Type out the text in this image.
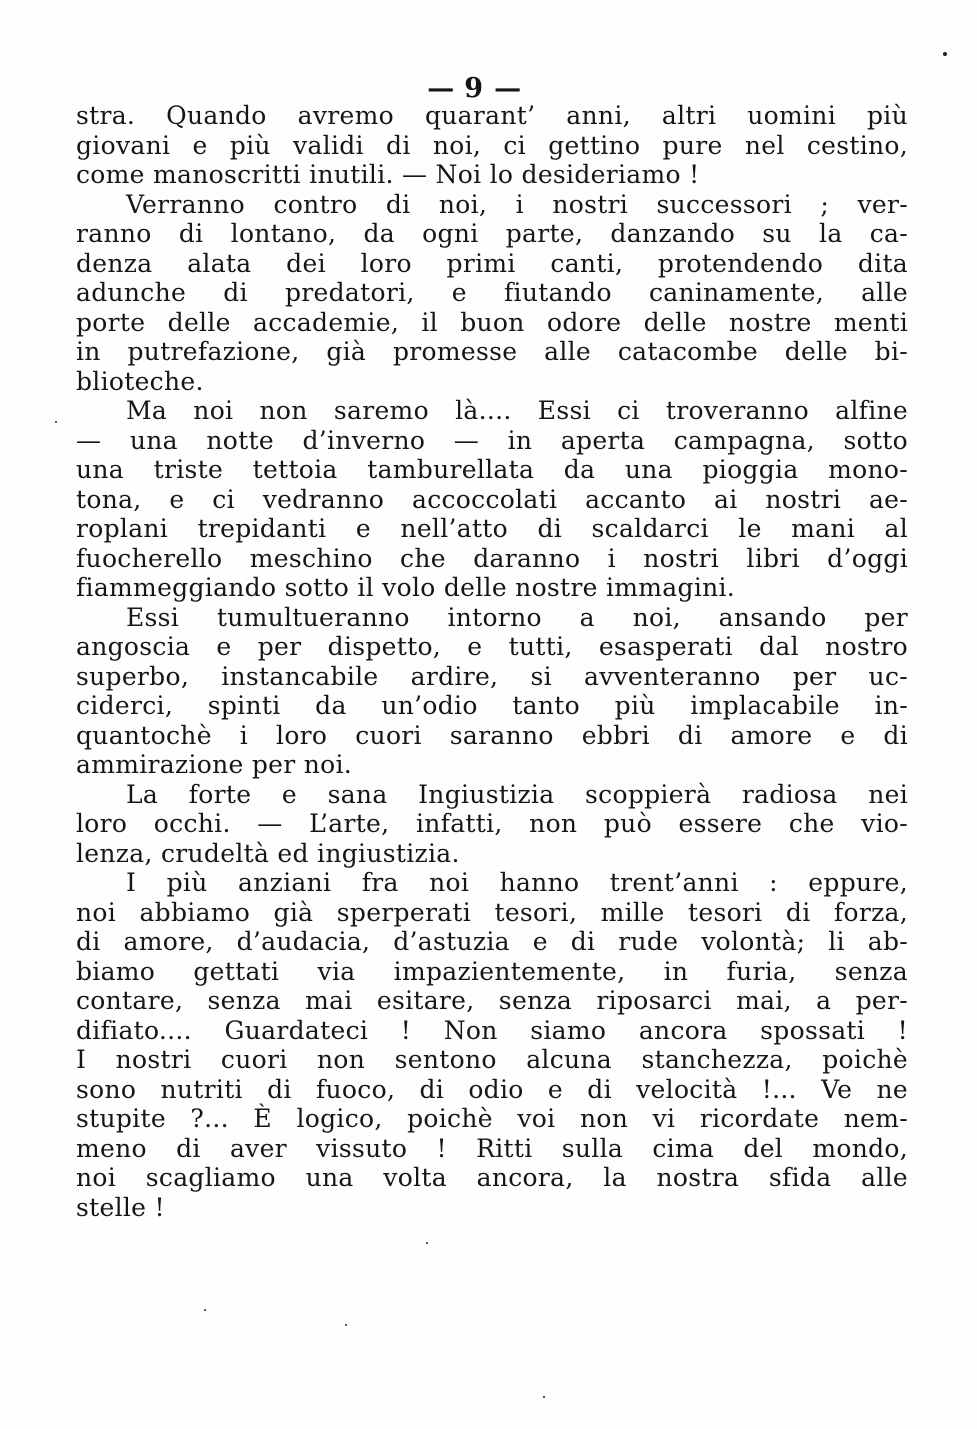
— 9 —

stra. Quando avremo quarant’ anni, altri uomini più
giovani e più validi di noi, ci gettino pure nel cestino,
come manoscritti inutili. — Noi lo desideriamo !
Verranno contro di noi, i nostri successori ; ver-
ranno di lontano, da ogni parte, danzando su la ca-
denza alata dei loro primi canti, protendendo dita
adunche di predatori, e fiutando caninamente, alle
porte delle accademie, il buon odore delle nostre menti
in putrefazione, già promesse alle catacombe delle bi-
blioteche.
Ma noi non saremo là.... Essi ci troveranno alfine
— una notte d’inverno — in aperta campagna, sotto
una triste tettoia tamburellata da una pioggia mono-
tona, e ci vedranno accoccolati accanto ai nostri ae-
roplani trepidanti e nell’atto di scaldarci le mani al
fuocherello meschino che daranno i nostri libri d’oggi
fiammeggiando sotto il volo delle nostre immagini.
Essi tumultueranno intorno a noi, ansando per
angoscia e per dispetto, e tutti, esasperati dal nostro
superbo, instancabile ardire, si avventeranno per uc-
ciderci, spinti da un’odio tanto più implacabile in-
quantochè i loro cuori saranno ebbri di amore e di
ammirazione per noi.
La forte e sana Ingiustizia scoppierà radiosa nei
loro occhi. — L’arte, infatti, non può essere che vio-
lenza, crudeltà ed ingiustizia.
I più anziani fra noi hanno trent’anni : eppure,
noi abbiamo già sperperati tesori, mille tesori di forza,
di amore, d’audacia, d’astuzia e di rude volontà; li ab-
biamo gettati via impazientemente, in furia, senza
contare, senza mai esitare, senza riposarci mai, a per-
difiato.... Guardateci ! Non siamo ancora spossati !
I nostri cuori non sentono alcuna stanchezza, poichè
sono nutriti di fuoco, di odio e di velocità !... Ve ne
stupite ?... È logico, poichè voi non vi ricordate nem-
meno di aver vissuto ! Ritti sulla cima del mondo,
noi scagliamo una volta ancora, la nostra sfida alle
stelle !
